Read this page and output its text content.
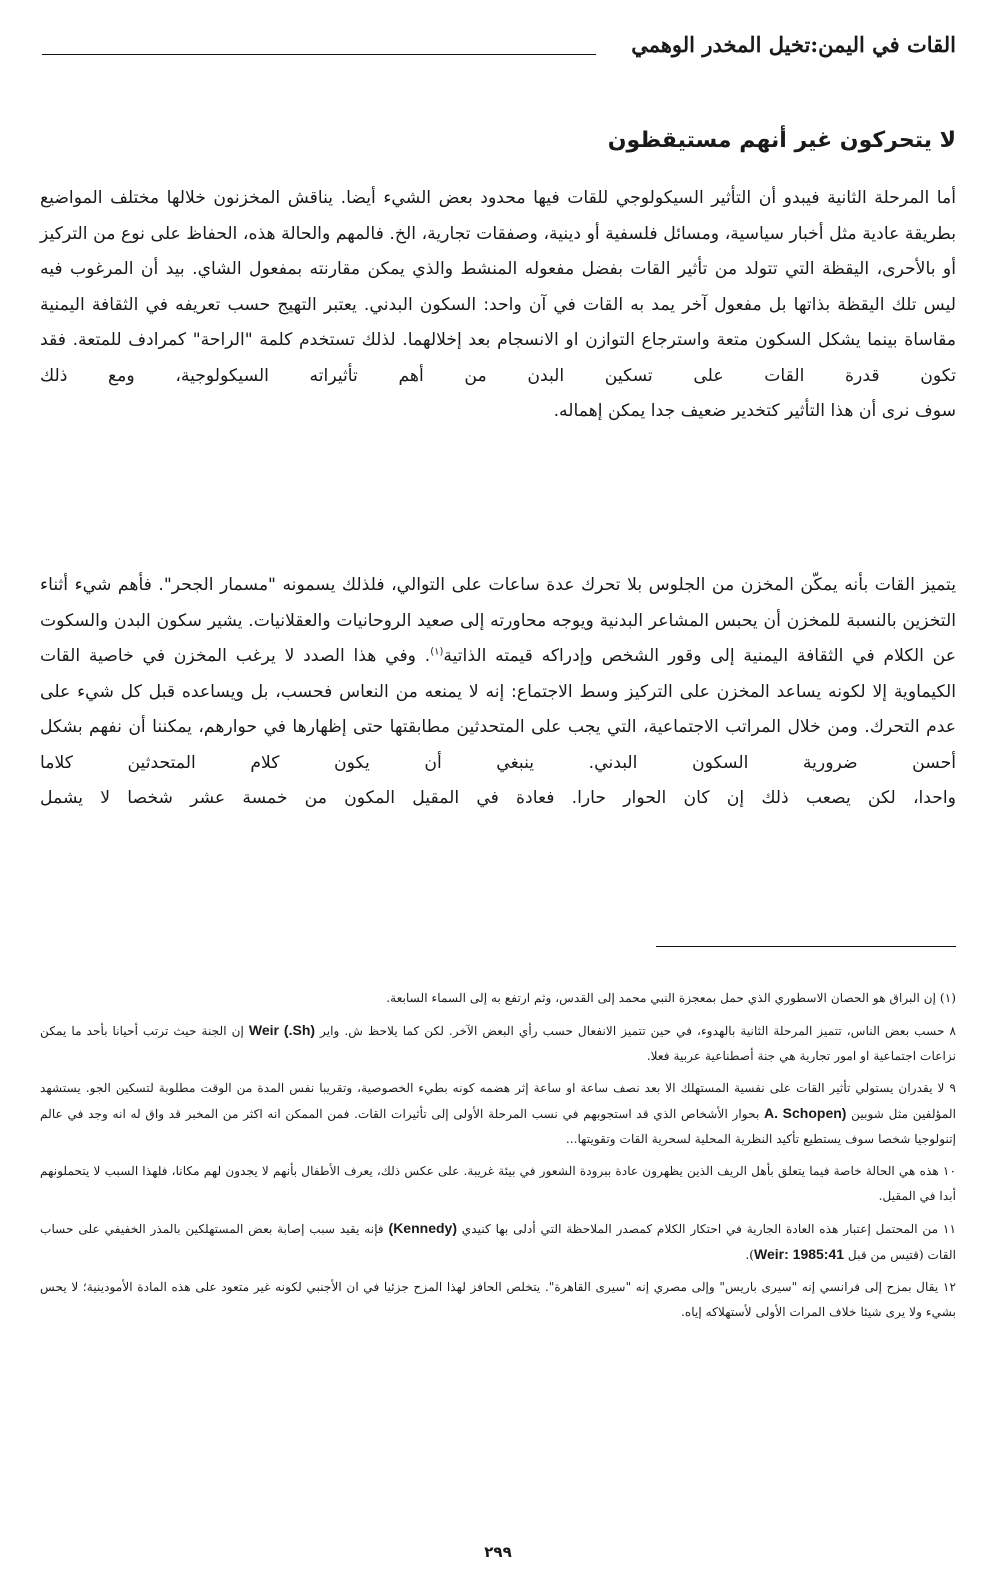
القات في اليمن:تخيل المخدر الوهمي
لا يتحركون غير أنهم مستيقظون

أما المرحلة الثانية فيبدو أن التأثير السيكولوجي للقات فيها محدود بعض الشيء أيضا. يناقش المخزنون خلالها مختلف المواضيع بطريقة عادية مثل أخبار سياسية، ومسائل فلسفية أو دينية، وصفقات تجارية، الخ. فالمهم والحالة هذه، الحفاظ على نوع من التركيز أو بالأحرى، اليقظة التي تتولد من تأثير القات بفضل مفعوله المنشط والذي يمكن مقارنته بمفعول الشاي. بيد أن المرغوب فيه ليس تلك اليقظة بذاتها بل مفعول آخر يمد به القات في آن واحد: السكون البدني. يعتبر التهيج حسب تعريفه في الثقافة اليمنية مقاساة بينما يشكل السكون متعة واسترجاع التوازن او الانسجام بعد إخلالهما. لذلك تستخدم كلمة "الراحة" كمرادف للمتعة. فقد تكون قدرة القات على تسكين البدن من أهم تأثيراته السيكولوجية، ومع ذلك
سوف نرى أن هذا التأثير كتخدير ضعيف جدا يمكن إهماله.

يتميز القات بأنه يمكّن المخزن من الجلوس بلا تحرك عدة ساعات على التوالي، فلذلك يسمونه "مسمار الجحر". فأهم شيء أثناء التخزين بالنسبة للمخزن أن يحبس المشاعر البدنية ويوجه محاورته إلى صعيد الروحانيات والعقلانيات. يشير سكون البدن والسكوت عن الكلام في الثقافة اليمنية إلى وقور الشخص وإدراكه قيمته الذاتية$^{(١)}$. وفي هذا الصدد لا يرغب المخزن في خاصية القات الكيماوية إلا لكونه يساعد المخزن على التركيز وسط الاجتماع: إنه لا يمنعه من النعاس فحسب، بل ويساعده قبل كل شيء على عدم التحرك. ومن خلال المراتب الاجتماعية، التي يجب على المتحدثين مطابقتها حتى إظهارها في حوارهم، يمكننا أن نفهم بشكل أحسن ضرورية السكون البدني. ينبغي أن يكون كلام المتحدثين كلاما
واحدا، لكن يصعب ذلك إن كان الحوار حارا. فعادة في المقيل المكون من خمسة عشر شخصا لا يشمل

(١) إن البراق هو الحصان الاسطوري الذي حمل بمعجزة النبي محمد إلى القدس، وثم ارتفع به إلى السماء السابعة.

٨ حسب بعض الناس، تتميز المرحلة الثانية بالهدوء، في حين تتميز الانفعال حسب رأي البعض الآخر. لكن كما يلاحظ ش. واير (Sh.) Weir إن الجنة حيث ترتب أحيانا بأحد ما يمكن نزاعات اجتماعية او امور تجارية هي جنة أصطناعية عربية فعلا.

٩ لا يقدران يستولي تأثير القات على نفسية المستهلك الا بعد نصف ساعة او ساعة إثر هضمه كونه بطيء الخصوصية، وتقريبا نفس المدة من الوقت مطلوبة لتسكين الجو. يستشهد المؤلفين مثل شوبين (A. Schopen بحوار الأشخاص الذي قد استجوبهم في نسب المرحلة الأولى إلى تأثيرات القات. فمن الممكن انه اكثر من المخبر قد واق له انه وجد في عالم إتنولوجيا شخصا سوف يستطيع تأكيد النظرية المحلية لسحرية القات وتقويتها...

١٠ هذه هي الحالة خاصة فيما يتعلق بأهل الريف الذين يظهرون عادة ببرودة الشعور في بيئة غريبة. على عكس ذلك، يعرف الأطفال بأنهم لا يجدون لهم مكانا، فلهذا السبب لا يتحملونهم أبدا في المقيل.

١١ من المحتمل إعتبار هذه العادة الجارية في احتكار الكلام كمصدر الملاحظة التي أدلى بها كنيدي (Kennedy) فإنه يقيد سبب إصابة بعض المستهلكين بالمذر الخفيفي على حساب القات (قتيس من قبل Weir: 1985:41).

١٢ يقال بمزح إلى فرانسي إنه "سيرى باريس" وإلى مصري إنه "سيرى القاهرة". يتخلص الحافز لهذا المزح جزئيا في ان الأجنبي لكونه غير متعود على هذه المادة الأمودينية؛ لا يحس بشيء ولا يرى شيئا خلاف المرات الأولى لأستهلاكه إياه.

٢٩٩
